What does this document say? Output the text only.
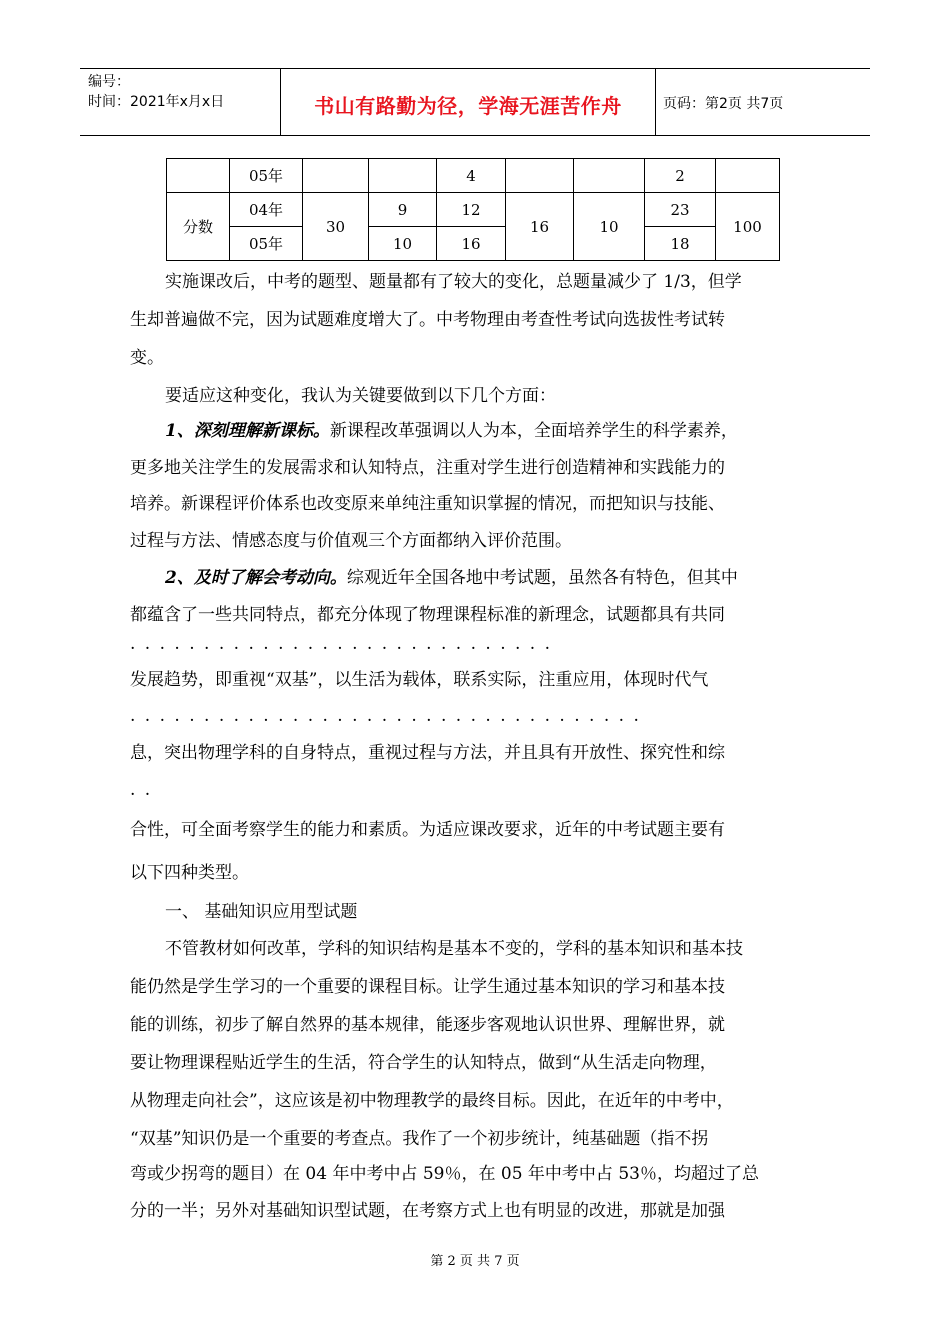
编号：
时间：2021年x月x日	书山有路勤为径，学海无涯苦作舟	页码：第2页 共7页
	05年			4			2	
分数	04年	30	9	12	16	10	23	100
	05年		10	16			18	
实施课改后，中考的题型、题量都有了较大的变化，总题量减少了 1/3，但学
生却普遍做不完，因为试题难度增大了。中考物理由考查性考试向选拔性考试转
变。
要适应这种变化，我认为关键要做到以下几个方面：
1、深刻理解新课标。新课程改革强调以人为本，全面培养学生的科学素养，
更多地关注学生的发展需求和认知特点，注重对学生进行创造精神和实践能力的
培养。新课程评价体系也改变原来单纯注重知识掌握的情况，而把知识与技能、
过程与方法、情感态度与价值观三个方面都纳入评价范围。
2、及时了解会考动向。综观近年全国各地中考试题，虽然各有特色，但其中
都蕴含了一些共同特点，都充分体现了物理课程标准的新理念，试题都具有共同
. . . . . . . . . . . . . . . . . . . . . . . . . . . . .
发展趋势，即重视“双基”，以生活为载体，联系实际，注重应用，体现时代气
. . . . . . . . . . . . . . . . . . . . . . . . . . . . . . . . . . .
息，突出物理学科的自身特点，重视过程与方法，并且具有开放性、探究性和综
. .
合性，可全面考察学生的能力和素质。为适应课改要求，近年的中考试题主要有
以下四种类型。
一、 基础知识应用型试题
不管教材如何改革，学科的知识结构是基本不变的，学科的基本知识和基本技
能仍然是学生学习的一个重要的课程目标。让学生通过基本知识的学习和基本技
能的训练，初步了解自然界的基本规律，能逐步客观地认识世界、理解世界，就
要让物理课程贴近学生的生活，符合学生的认知特点，做到“从生活走向物理，
从物理走向社会”，这应该是初中物理教学的最终目标。因此，在近年的中考中，
“双基”知识仍是一个重要的考查点。我作了一个初步统计，纯基础题（指不拐
弯或少拐弯的题目）在 04 年中考中占 59％，在 05 年中考中占 53％，均超过了总
分的一半；另外对基础知识型试题，在考察方式上也有明显的改进，那就是加强
第 2 页 共 7 页
